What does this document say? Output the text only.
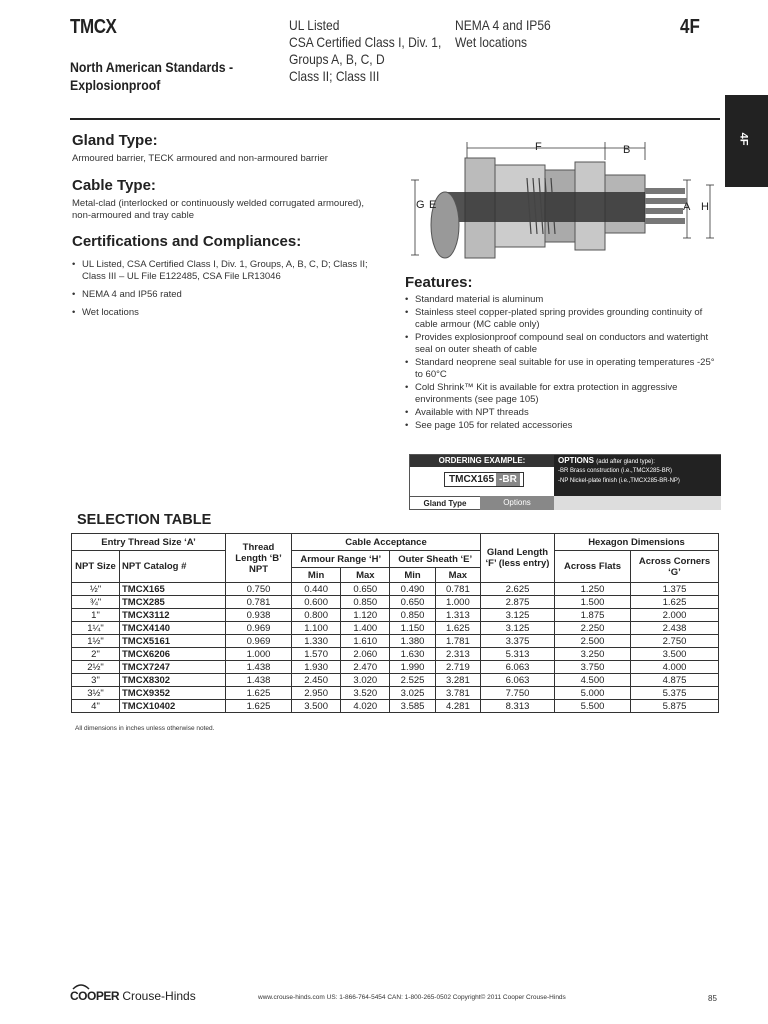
TMCX
North American Standards - Explosionproof
UL Listed
CSA Certified Class I, Div. 1,
Groups A, B, C, D
Class II; Class III
NEMA 4 and IP56
Wet locations
4F
4F
Gland Type:
Armoured barrier, TECK armoured and non-armoured barrier
Cable Type:
Metal-clad (interlocked or continuously welded corrugated armoured), non-armoured and tray cable
Certifications and Compliances:
• UL Listed, CSA Certified Class I, Div. 1, Groups, A, B, C, D; Class II; Class III – UL File E122485, CSA File LR13046
• NEMA 4 and IP56 rated
• Wet locations
F	B
G E	A H
Features:
• Standard material is aluminum
• Stainless steel copper-plated spring provides grounding continuity of cable armour (MC cable only)
• Provides explosionproof compound seal on conductors and watertight seal on outer sheath of cable
• Standard neoprene seal suitable for use in operating temperatures -25° to 60°C
• Cold Shrink™ Kit is available for extra protection in aggressive environments (see page 105)
• Available with NPT threads
• See page 105 for related accessories
ORDERING EXAMPLE:	OPTIONS (add after gland type):
-BR Brass construction (i.e.,TMCX285-BR)
-NP Nickel-plate finish (i.e.,TMCX285-BR-NP)
TMCX165 -BR
Gland Type	Options
SELECTION TABLE
Entry Thread Size ‘A’		Thread Length ‘B’ NPT	Cable Acceptance				Gland Length ‘F’ (less entry)	Hexagon Dimensions	
NPT Size	NPT Catalog #		Armour Range ‘H’		Outer Sheath ‘E’			Across Flats	Across Corners ‘G’
			Min	Max	Min	Max			
½"	TMCX165	0.750	0.440	0.650	0.490	0.781	2.625	1.250	1.375
¾"	TMCX285	0.781	0.600	0.850	0.650	1.000	2.875	1.500	1.625
1"	TMCX3112	0.938	0.800	1.120	0.850	1.313	3.125	1.875	2.000
1¼"	TMCX4140	0.969	1.100	1.400	1.150	1.625	3.125	2.250	2.438
1½"	TMCX5161	0.969	1.330	1.610	1.380	1.781	3.375	2.500	2.750
2"	TMCX6206	1.000	1.570	2.060	1.630	2.313	5.313	3.250	3.500
2½"	TMCX7247	1.438	1.930	2.470	1.990	2.719	6.063	3.750	4.000
3"	TMCX8302	1.438	2.450	3.020	2.525	3.281	6.063	4.500	4.875
3½"	TMCX9352	1.625	2.950	3.520	3.025	3.781	7.750	5.000	5.375
4"	TMCX10402	1.625	3.500	4.020	3.585	4.281	8.313	5.500	5.875
All dimensions in inches unless otherwise noted.
COOPER Crouse-Hinds	www.crouse-hinds.com US: 1-866-764-5454 CAN: 1-800-265-0502 Copyright© 2011 Cooper Crouse-Hinds	85
